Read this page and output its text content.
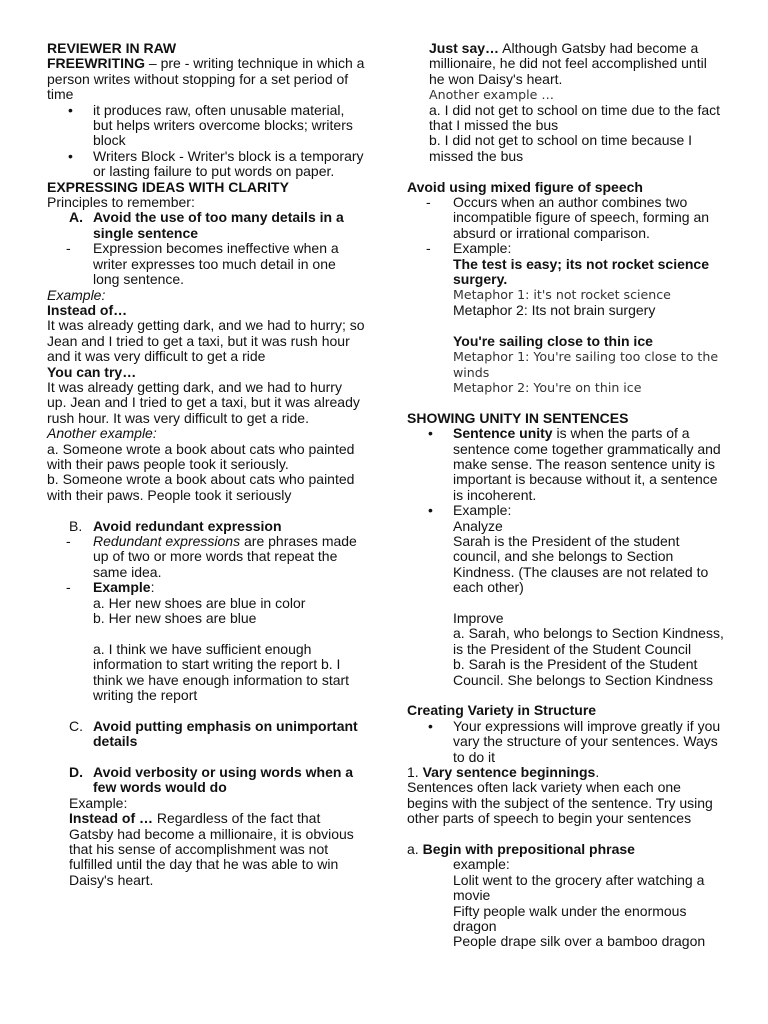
REVIEWER IN RAW

FREEWRITING – pre - writing technique in which a person writes without stopping for a set period of time

• it produces raw, often unusable material, but helps writers overcome blocks; writers block
• Writers Block - Writer's block is a temporary or lasting failure to put words on paper.

EXPRESSING IDEAS WITH CLARITY

Principles to remember:

A. Avoid the use of too many details in a single sentence
- Expression becomes ineffective when a writer expresses too much detail in one long sentence.

Example:

Instead of…

It was already getting dark, and we had to hurry; so Jean and I tried to get a taxi, but it was rush hour and it was very difficult to get a ride

You can try…

It was already getting dark, and we had to hurry up. Jean and I tried to get a taxi, but it was already rush hour. It was very difficult to get a ride.

Another example:

a. Someone wrote a book about cats who painted with their paws people took it seriously.

b. Someone wrote a book about cats who painted with their paws. People took it seriously

B. Avoid redundant expression
- Redundant expressions are phrases made up of two or more words that repeat the same idea.
- Example:

a. Her new shoes are blue in color

b. Her new shoes are blue

a. I think we have sufficient enough information to start writing the report b. I think we have enough information to start writing the report

C. Avoid putting emphasis on unimportant details
D. Avoid verbosity or using words when a few words would do

Example:

Instead of … Regardless of the fact that Gatsby had become a millionaire, it is obvious that his sense of accomplishment was not fulfilled until the day that he was able to win Daisy's heart.

Just say… Although Gatsby had become a millionaire, he did not feel accomplished until he won Daisy's heart.

Another example …

a. I did not get to school on time due to the fact that I missed the bus

b. I did not get to school on time because I missed the bus

Avoid using mixed figure of speech

- Occurs when an author combines two incompatible figure of speech, forming an absurd or irrational comparison.
- Example:

The test is easy; its not rocket science surgery.

Metaphor 1: it's not rocket science

Metaphor 2: Its not brain surgery

You're sailing close to thin ice

Metaphor 1: You're sailing too close to the winds

Metaphor 2: You're on thin ice

SHOWING UNITY IN SENTENCES

• Sentence unity is when the parts of a sentence come together grammatically and make sense. The reason sentence unity is important is because without it, a sentence is incoherent.
• Example:
Analyze
Sarah is the President of the student council, and she belongs to Section Kindness. (The clauses are not related to each other)

Improve
a. Sarah, who belongs to Section Kindness, is the President of the Student Council
b. Sarah is the President of the Student Council. She belongs to Section Kindness

Creating Variety in Structure

• Your expressions will improve greatly if you vary the structure of your sentences. Ways to do it

1. Vary sentence beginnings.

Sentences often lack variety when each one begins with the subject of the sentence. Try using other parts of speech to begin your sentences

a. Begin with prepositional phrase

example:

Lolit went to the grocery after watching a movie

Fifty people walk under the enormous dragon

People drape silk over a bamboo dragon
